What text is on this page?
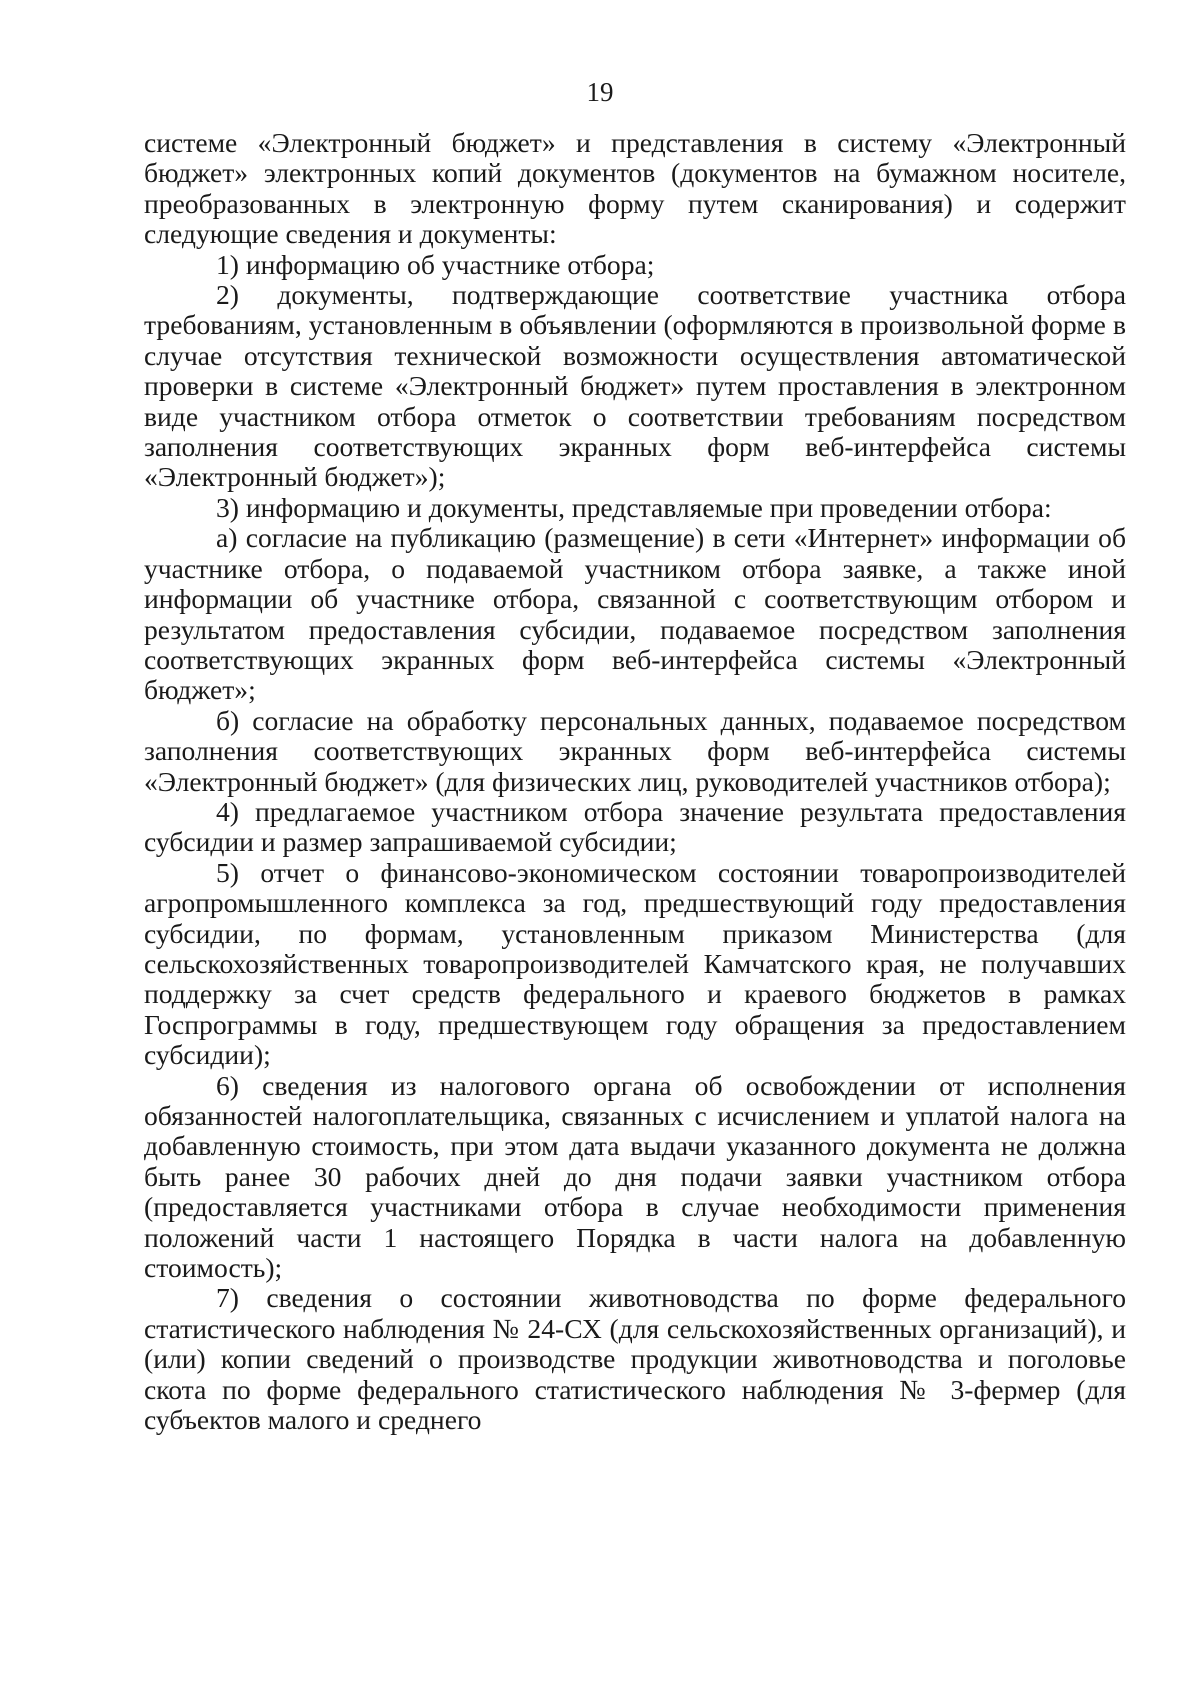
19

системе «Электронный бюджет» и представления в систему «Электронный бюджет» электронных копий документов (документов на бумажном носителе, преобразованных в электронную форму путем сканирования) и содержит следующие сведения и документы:

1) информацию об участнике отбора;

2) документы, подтверждающие соответствие участника отбора требованиям, установленным в объявлении (оформляются в произвольной форме в случае отсутствия технической возможности осуществления автоматической проверки в системе «Электронный бюджет» путем проставления в электронном виде участником отбора отметок о соответствии требованиям посредством заполнения соответствующих экранных форм веб-интерфейса системы «Электронный бюджет»);

3) информацию и документы, представляемые при проведении отбора:

а) согласие на публикацию (размещение) в сети «Интернет» информации об участнике отбора, о подаваемой участником отбора заявке, а также иной информации об участнике отбора, связанной с соответствующим отбором и результатом предоставления субсидии, подаваемое посредством заполнения соответствующих экранных форм веб-интерфейса системы «Электронный бюджет»;

б) согласие на обработку персональных данных, подаваемое посредством заполнения соответствующих экранных форм веб-интерфейса системы «Электронный бюджет» (для физических лиц, руководителей участников отбора);

4) предлагаемое участником отбора значение результата предоставления субсидии и размер запрашиваемой субсидии;

5) отчет о финансово-экономическом состоянии товаропроизводителей агропромышленного комплекса за год, предшествующий году предоставления субсидии, по формам, установленным приказом Министерства (для сельскохозяйственных товаропроизводителей Камчатского края, не получавших поддержку за счет средств федерального и краевого бюджетов в рамках Госпрограммы в году, предшествующем году обращения за предоставлением субсидии);

6) сведения из налогового органа об освобождении от исполнения обязанностей налогоплательщика, связанных с исчислением и уплатой налога на добавленную стоимость, при этом дата выдачи указанного документа не должна быть ранее 30 рабочих дней до дня подачи заявки участником отбора (предоставляется участниками отбора в случае необходимости применения положений части 1 настоящего Порядка в части налога на добавленную стоимость);

7) сведения о состоянии животноводства по форме федерального статистического наблюдения № 24-СХ (для сельскохозяйственных организаций), и (или) копии сведений о производстве продукции животноводства и поголовье скота по форме федерального статистического наблюдения № 3-фермер (для субъектов малого и среднего
